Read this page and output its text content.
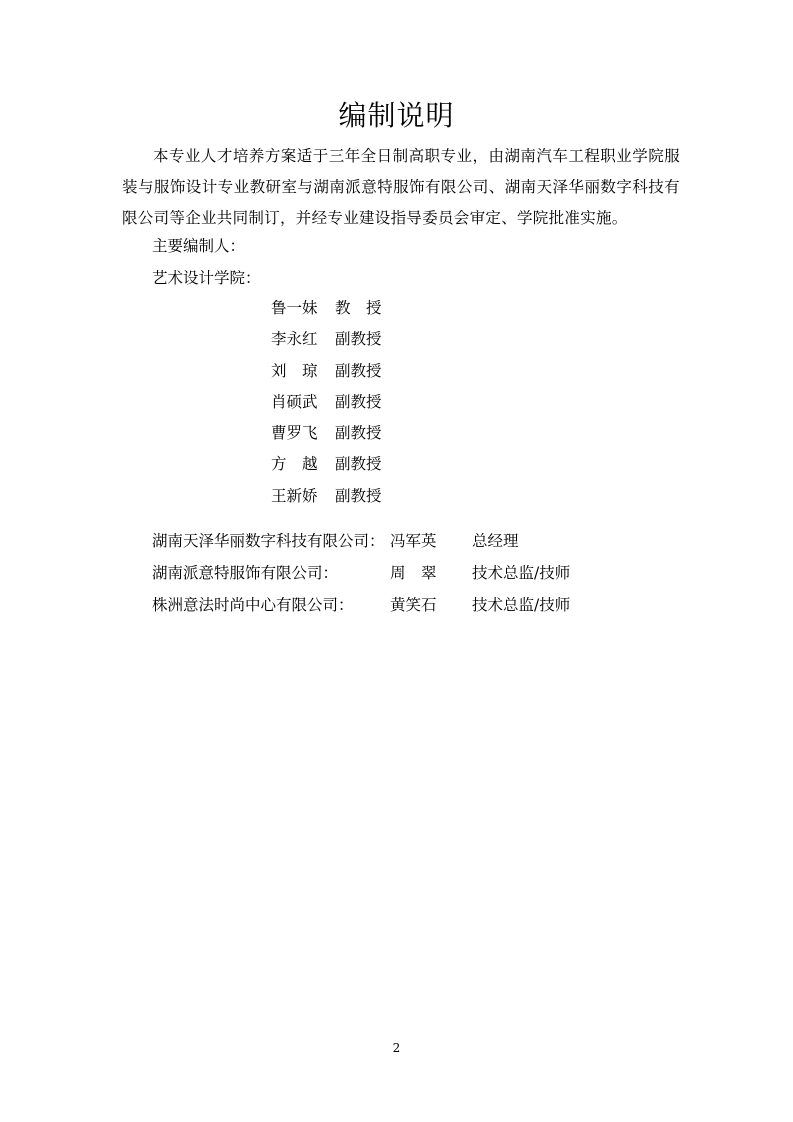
编制说明
本专业人才培养方案适于三年全日制高职专业，由湖南汽车工程职业学院服装与服饰设计专业教研室与湖南派意特服饰有限公司、湖南天泽华丽数字科技有限公司等企业共同制订，并经专业建设指导委员会审定、学院批准实施。
主要编制人：
艺术设计学院：
鲁一妹 教　授
李永红 副教授
刘　琼 副教授
肖硕武 副教授
曹罗飞 副教授
方　越 副教授
王新娇 副教授
湖南天泽华丽数字科技有限公司： 冯军英 总经理
湖南派意特服饰有限公司：	周　翠 技术总监/技师
株洲意法时尚中心有限公司： 黄笑石 技术总监/技师
2
